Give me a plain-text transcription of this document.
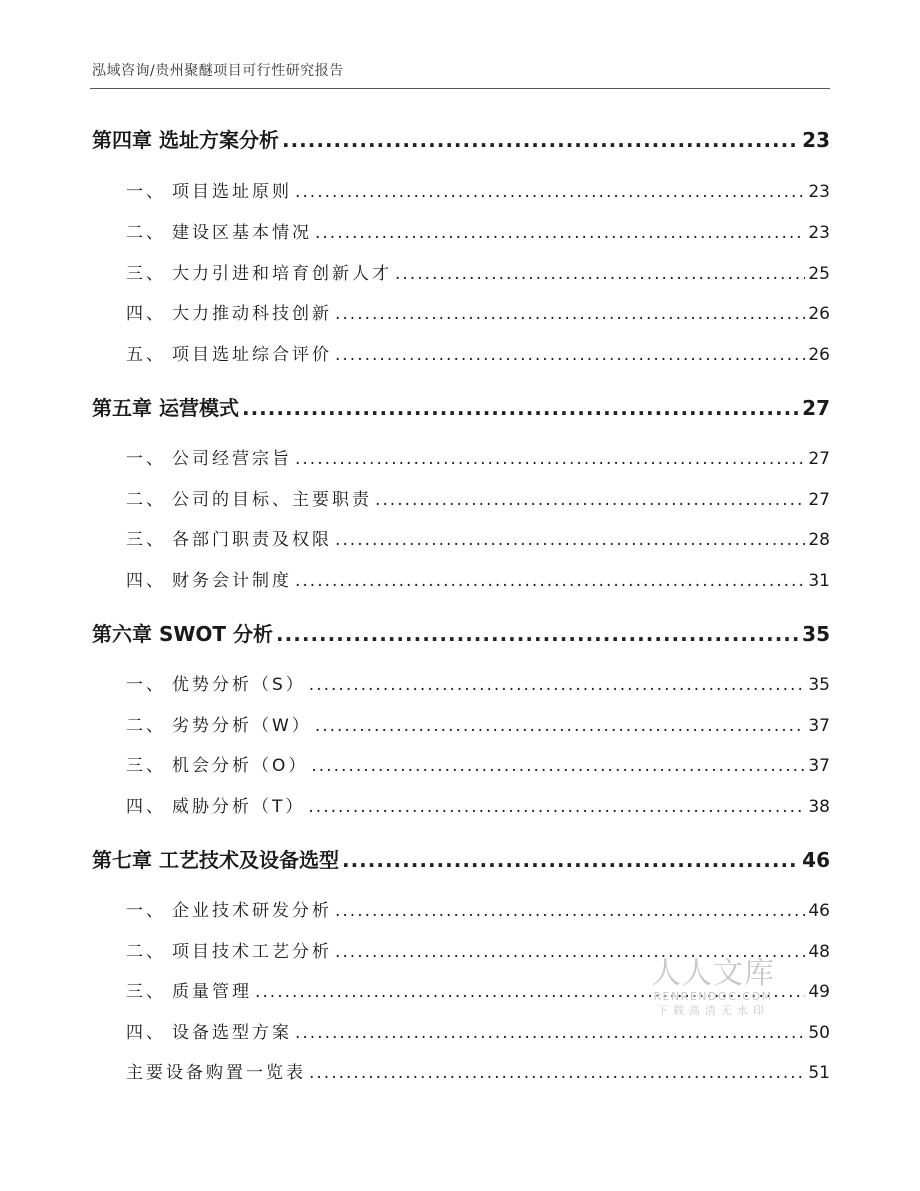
泓域咨询/贵州聚醚项目可行性研究报告
第四章 选址方案分析 .....	23
一、 项目选址原则 .....	23
二、 建设区基本情况 .....	23
三、 大力引进和培育创新人才 .....	25
四、 大力推动科技创新 .....	26
五、 项目选址综合评价 .....	26
第五章 运营模式 .....	27
一、 公司经营宗旨 .....	27
二、 公司的目标、主要职责 .....	27
三、 各部门职责及权限 .....	28
四、 财务会计制度 .....	31
第六章 SWOT 分析 .....	35
一、 优势分析（S） .....	35
二、 劣势分析（W） .....	37
三、 机会分析（O） .....	37
四、 威胁分析（T） .....	38
第七章 工艺技术及设备选型 .....	46
一、 企业技术研发分析 .....	46
二、 项目技术工艺分析 .....	48
三、 质量管理 .....	49
四、 设备选型方案 .....	50
主要设备购置一览表 .....	51
人人文库
RENRENDOC.COM
下载高清无水印
